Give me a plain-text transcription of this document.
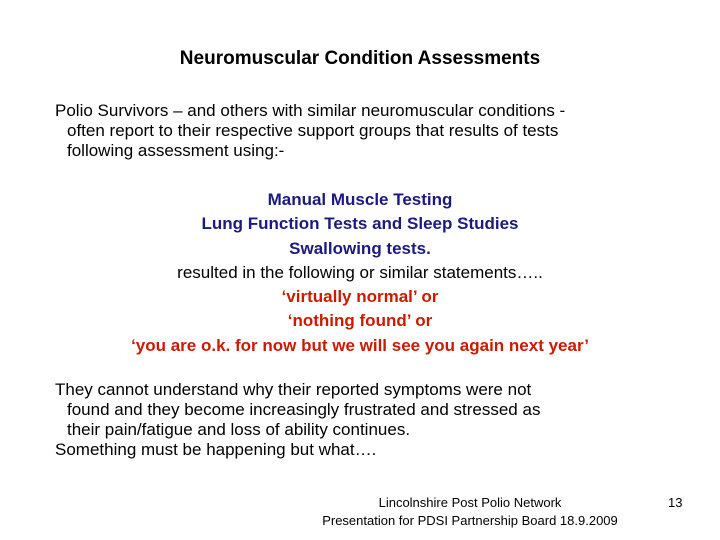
Neuromuscular Condition Assessments
Polio Survivors – and others with similar neuromuscular conditions -
often report to their respective support groups that results of tests
following assessment using:-
Manual Muscle Testing
Lung Function Tests and Sleep Studies
Swallowing tests.
resulted in the following or similar statements…..
‘virtually normal’ or
‘nothing found’ or
‘you are o.k. for now but we will see you again next year’
They cannot understand why their reported symptoms were not
found and they become increasingly frustrated and stressed as
their pain/fatigue and loss of ability continues.
Something must be happening but what….
Lincolnshire Post Polio Network
Presentation for PDSI Partnership Board 18.9.2009
13
